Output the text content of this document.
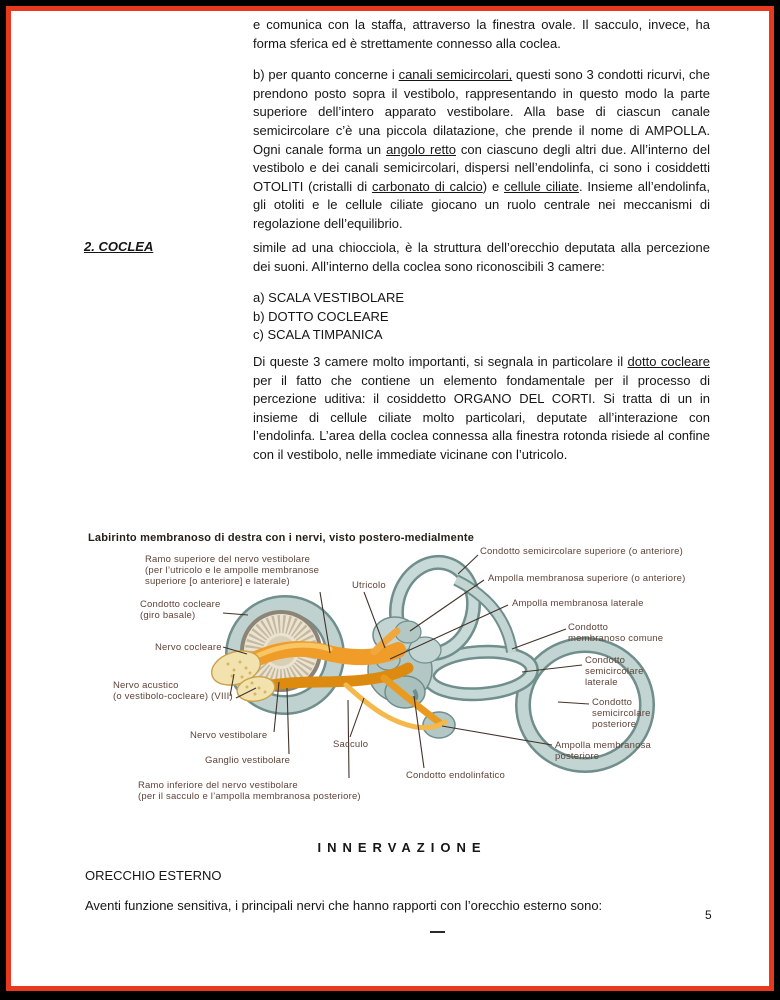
e comunica con la staffa, attraverso la finestra ovale. Il sacculo, invece, ha forma sferica ed è strettamente connesso alla coclea.

b) per quanto concerne i canali semicircolari, questi sono 3 condotti ricurvi, che prendono posto sopra il vestibolo, rappresentando in questo modo la parte superiore dell’intero apparato vestibolare. Alla base di ciascun canale semicircolare c’è una piccola dilatazione, che prende il nome di AMPOLLA. Ogni canale forma un angolo retto con ciascuno degli altri due. All’interno del vestibolo e dei canali semicircolari, dispersi nell’endolinfa, ci sono i cosiddetti OTOLITI (cristalli di carbonato di calcio) e cellule ciliate. Insieme all’endolinfa, gli otoliti e le cellule ciliate giocano un ruolo centrale nei meccanismi di regolazione dell’equilibrio.

2. COCLEA	simile ad una chiocciola, è la struttura dell’orecchio deputata alla percezione dei suoni. All’interno della coclea sono riconoscibili 3 camere:

a) SCALA VESTIBOLARE
b) DOTTO COCLEARE
c) SCALA TIMPANICA

Di queste 3 camere molto importanti, si segnala in particolare il dotto cocleare per il fatto che contiene un elemento fondamentale per il processo di percezione uditiva: il cosiddetto ORGANO DEL CORTI. Si tratta di un in insieme di cellule ciliate molto particolari, deputate all’interazione con l’endolinfa. L’area della coclea connessa alla finestra rotonda risiede al confine con il vestibolo, nelle immediate vicinane con l’utricolo.

Labirinto membranoso di destra con i nervi, visto postero-medialmente
Ramo superiore del nervo vestibolare
(per l’utricolo e le ampolle membranose
superiore [o anteriore] e laterale)
Condotto cocleare
(giro basale)
Nervo cocleare
Nervo acustico
(o vestibolo-cocleare) (VIII)
Nervo vestibolare
Ganglio vestibolare
Ramo inferiore del nervo vestibolare
(per il sacculo e l’ampolla membranosa posteriore)
Utricolo
Sacculo
Condotto endolinfatico
Condotto semicircolare superiore (o anteriore)
Ampolla membranosa superiore (o anteriore)
Ampolla membranosa laterale
Condotto
membranoso comune
Condotto
semicircolare
laterale
Condotto
semicircolare
posteriore
Ampolla membranosa
posteriore
INNERVAZIONE
ORECCHIO ESTERNO
Aventi funzione sensitiva, i principali nervi che hanno rapporti con l’orecchio esterno sono:
5
